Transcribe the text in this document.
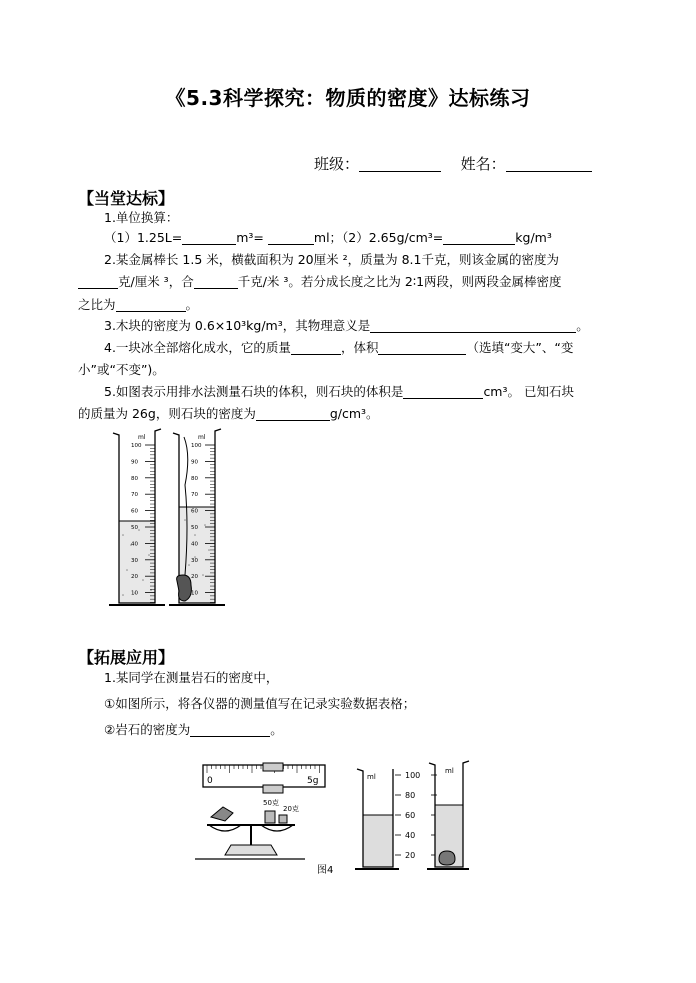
《5.3科学探究：物质的密度》达标练习
班级：	姓名：
【当堂达标】
1.单位换算：
（1）1.25L=	m³=	ml；（2）2.65g/cm³=	kg/m³
2.某金属棒长 1.5 米，横截面积为 20厘米 ²，质量为 8.1千克，则该金属的密度为
克/厘米 ³，合	千克/米 ³。若分成长度之比为 2∶1两段，则两段金属棒密度
之比为	。
3.木块的密度为 0.6×10³kg/m³，其物理意义是	。
4.一块冰全部熔化成水，它的质量	，体积	（选填“变大”、“变
小”或“不变”)。
5.如图表示用排水法测量石块的体积，则石块的体积是	cm³。 已知石块
的质量为 26g，则石块的密度为	g/cm³。
ml
100
90
80
70
60
50
40
30
20
10
ml
100
90
80
70
60
50
40
30
20
10
【拓展应用】
1.某同学在测量岩石的密度中，
①如图所示，将各仪器的测量值写在记录实验数据表格；
②岩石的密度为	。
0	5g
50克
20克
ml	100
80
60
40
20
ml
图4
